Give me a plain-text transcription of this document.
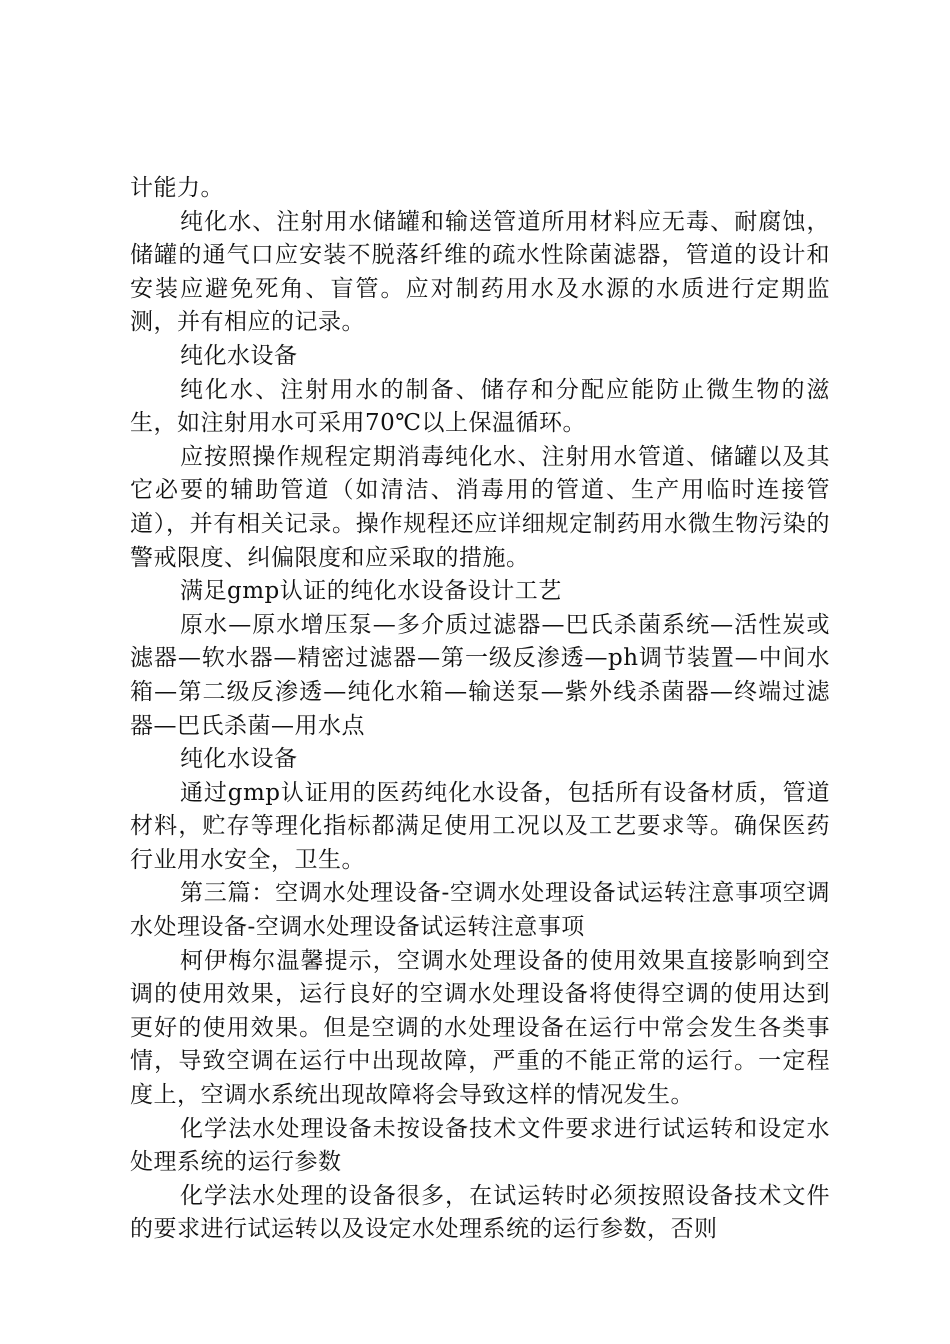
计能力。

纯化水、注射用水储罐和输送管道所用材料应无毒、耐腐蚀，储罐的通气口应安装不脱落纤维的疏水性除菌滤器，管道的设计和安装应避免死角、盲管。应对制药用水及水源的水质进行定期监测，并有相应的记录。

纯化水设备

纯化水、注射用水的制备、储存和分配应能防止微生物的滋生，如注射用水可采用70℃以上保温循环。

应按照操作规程定期消毒纯化水、注射用水管道、储罐以及其它必要的辅助管道（如清洁、消毒用的管道、生产用临时连接管道），并有相关记录。操作规程还应详细规定制药用水微生物污染的警戒限度、纠偏限度和应采取的措施。

满足gmp认证的纯化水设备设计工艺

原水—原水增压泵—多介质过滤器—巴氏杀菌系统—活性炭或滤器—软水器—精密过滤器—第一级反渗透—ph调节装置—中间水箱—第二级反渗透—纯化水箱—输送泵—紫外线杀菌器—终端过滤器—巴氏杀菌—用水点

纯化水设备

通过gmp认证用的医药纯化水设备，包括所有设备材质，管道材料，贮存等理化指标都满足使用工况以及工艺要求等。确保医药行业用水安全，卫生。

第三篇：空调水处理设备-空调水处理设备试运转注意事项空调水处理设备-空调水处理设备试运转注意事项

柯伊梅尔温馨提示，空调水处理设备的使用效果直接影响到空调的使用效果，运行良好的空调水处理设备将使得空调的使用达到更好的使用效果。但是空调的水处理设备在运行中常会发生各类事情，导致空调在运行中出现故障，严重的不能正常的运行。一定程度上，空调水系统出现故障将会导致这样的情况发生。

化学法水处理设备未按设备技术文件要求进行试运转和设定水处理系统的运行参数

化学法水处理的设备很多，在试运转时必须按照设备技术文件的要求进行试运转以及设定水处理系统的运行参数，否则
